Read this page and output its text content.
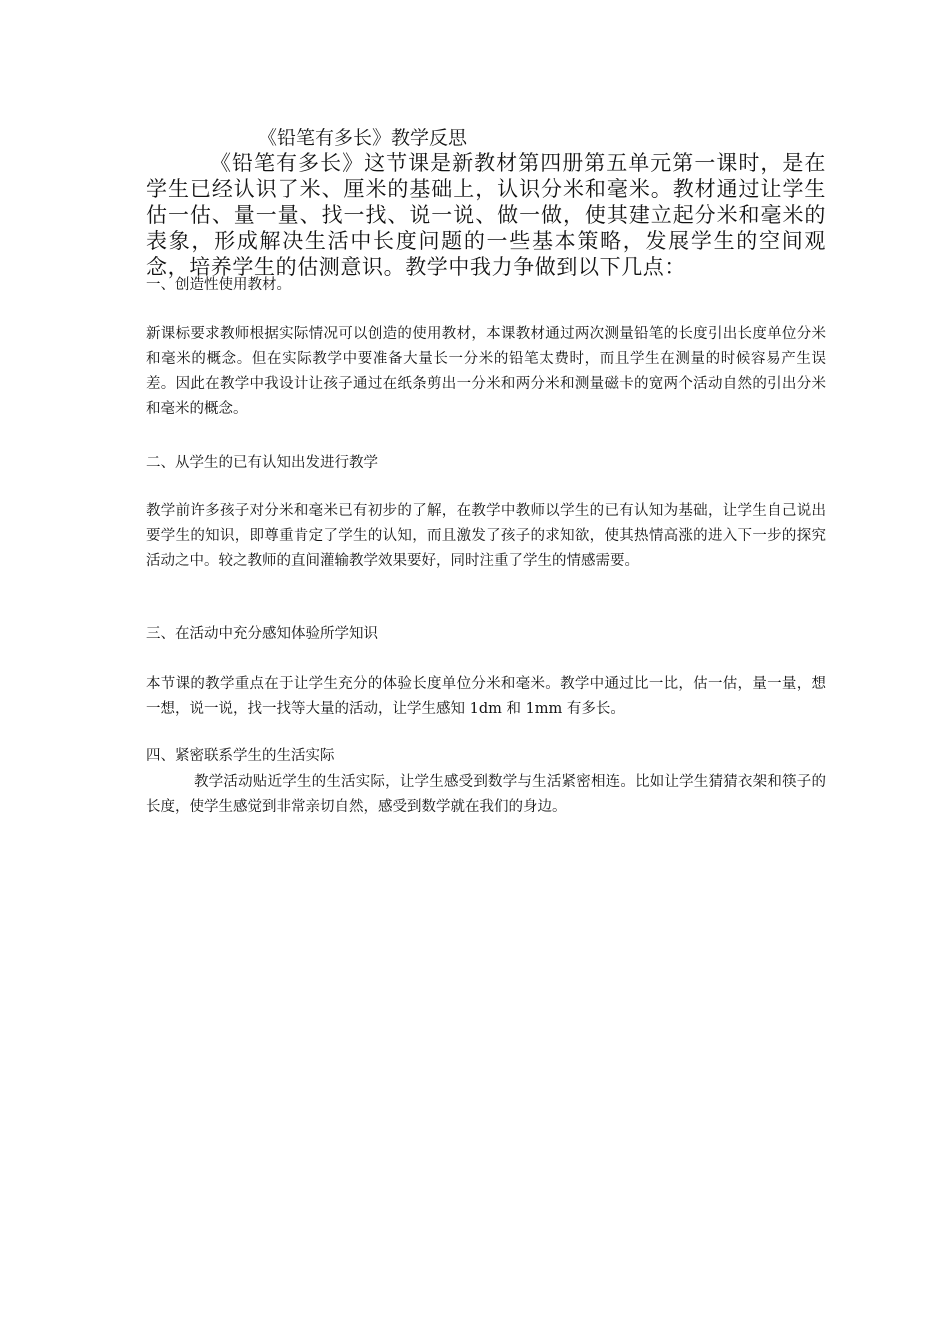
《铅笔有多长》教学反思
《铅笔有多长》这节课是新教材第四册第五单元第一课时，是在学生已经认识了米、厘米的基础上，认识分米和毫米。教材通过让学生估一估、量一量、找一找、说一说、做一做，使其建立起分米和毫米的表象，形成解决生活中长度问题的一些基本策略，发展学生的空间观念，培养学生的估测意识。教学中我力争做到以下几点：
一、创造性使用教材。
新课标要求教师根据实际情况可以创造的使用教材，本课教材通过两次测量铅笔的长度引出长度单位分米和毫米的概念。但在实际教学中要准备大量长一分米的铅笔太费时，而且学生在测量的时候容易产生误差。因此在教学中我设计让孩子通过在纸条剪出一分米和两分米和测量磁卡的宽两个活动自然的引出分米和毫米的概念。
二、从学生的已有认知出发进行教学
教学前许多孩子对分米和毫米已有初步的了解，在教学中教师以学生的已有认知为基础，让学生自己说出要学生的知识，即尊重肯定了学生的认知，而且激发了孩子的求知欲，使其热情高涨的进入下一步的探究活动之中。较之教师的直间灌输教学效果要好，同时注重了学生的情感需要。
三、在活动中充分感知体验所学知识
本节课的教学重点在于让学生充分的体验长度单位分米和毫米。教学中通过比一比，估一估，量一量，想一想，说一说，找一找等大量的活动，让学生感知 1dm 和 1mm 有多长。
四、紧密联系学生的生活实际
教学活动贴近学生的生活实际，让学生感受到数学与生活紧密相连。比如让学生猜猜衣架和筷子的长度，使学生感觉到非常亲切自然，感受到数学就在我们的身边。
